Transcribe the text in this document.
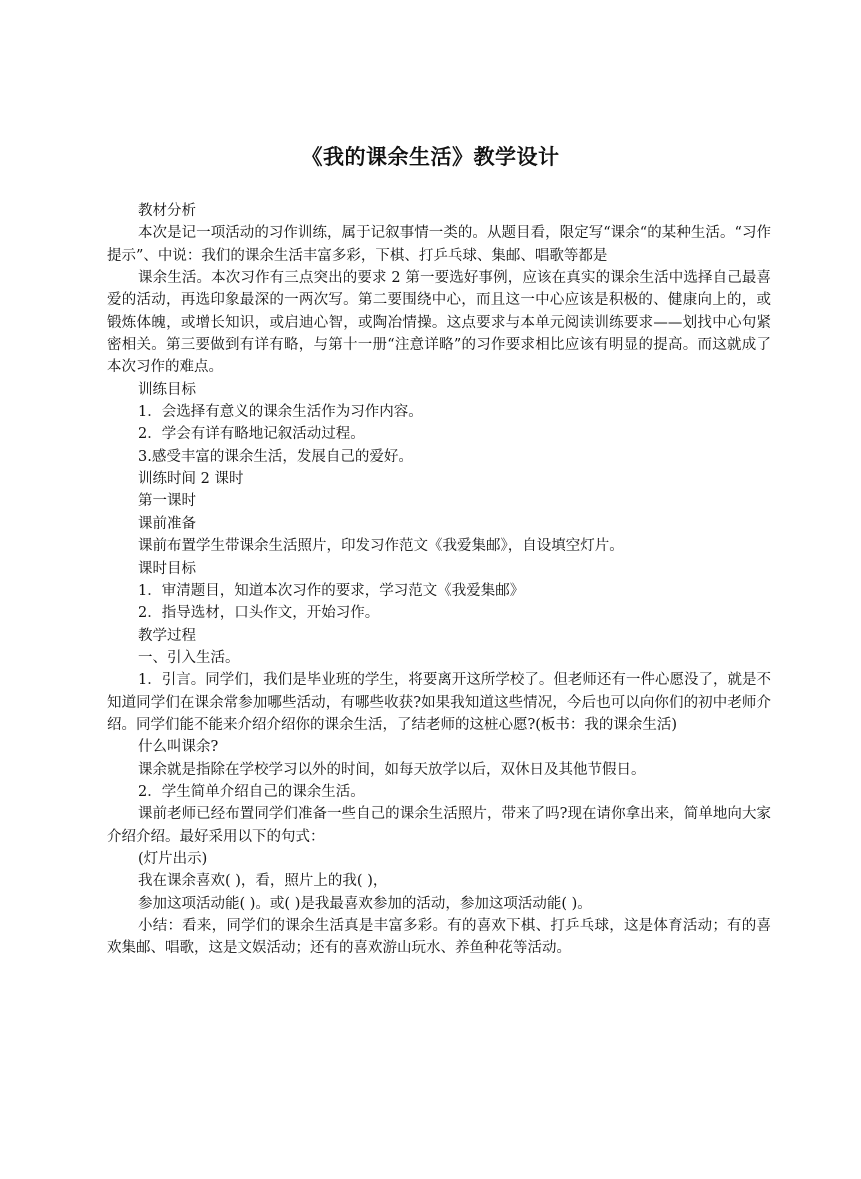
《我的课余生活》教学设计

教材分析

本次是记一项活动的习作训练，属于记叙事情一类的。从题目看，限定写“课余“的某种生活。“习作提示”、中说：我们的课余生活丰富多彩，下棋、打乒乓球、集邮、唱歌等都是

课余生活。本次习作有三点突出的要求 2 第一要选好事例，应该在真实的课余生活中选择自己最喜爱的活动，再选印象最深的一两次写。第二要围绕中心，而且这一中心应该是积极的、健康向上的，或锻炼体魄，或增长知识，或启迪心智，或陶冶情操。这点要求与本单元阅读训练要求——划找中心句紧密相关。第三要做到有详有略，与第十一册“注意详略”的习作要求相比应该有明显的提高。而这就成了本次习作的难点。

训练目标

1．会选择有意义的课余生活作为习作内容。

2．学会有详有略地记叙活动过程。

3.感受丰富的课余生活，发展自己的爱好。

训练时间 2 课时

第一课时

课前准备

课前布置学生带课余生活照片，印发习作范文《我爱集邮》，自设填空灯片。

课时目标

1．审清题目，知道本次习作的要求，学习范文《我爱集邮》

2．指导选材，口头作文，开始习作。

教学过程

一、引入生活。

1．引言。同学们，我们是毕业班的学生，将要离开这所学校了。但老师还有一件心愿没了，就是不知道同学们在课余常参加哪些活动，有哪些收获?如果我知道这些情况，今后也可以向你们的初中老师介绍。同学们能不能来介绍介绍你的课余生活，了结老师的这桩心愿?(板书：我的课余生活)

什么叫课余?

课余就是指除在学校学习以外的时间，如每天放学以后，双休日及其他节假日。

2．学生简单介绍自己的课余生活。

课前老师已经布置同学们准备一些自己的课余生活照片，带来了吗?现在请你拿出来，简单地向大家介绍介绍。最好采用以下的句式：

(灯片出示)

我在课余喜欢( )，看，照片上的我( )，

参加这项活动能( )。或( )是我最喜欢参加的活动，参加这项活动能( )。

小结：看来，同学们的课余生活真是丰富多彩。有的喜欢下棋、打乒乓球，这是体育活动；有的喜欢集邮、唱歌，这是文娱活动；还有的喜欢游山玩水、养鱼种花等活动。
